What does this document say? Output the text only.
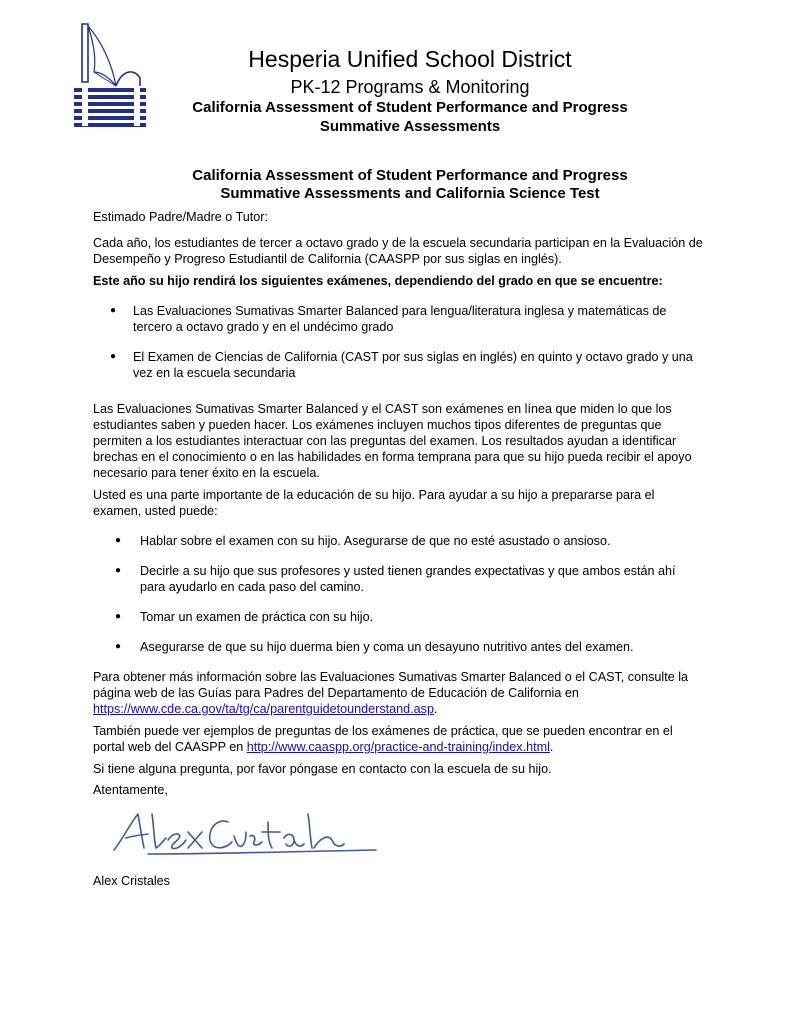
Hesperia Unified School District
PK-12 Programs & Monitoring
California Assessment of Student Performance and Progress
Summative Assessments
California Assessment of Student Performance and Progress
Summative Assessments and California Science Test

Estimado Padre/Madre o Tutor:

Cada año, los estudiantes de tercer a octavo grado y de la escuela secundaria participan en la Evaluación de Desempeño y Progreso Estudiantil de California (CAASPP por sus siglas en inglés).

Este año su hijo rendirá los siguientes exámenes, dependiendo del grado en que se encuentre:

● Las Evaluaciones Sumativas Smarter Balanced para lengua/literatura inglesa y matemáticas de tercero a octavo grado y en el undécimo grado
● El Examen de Ciencias de California (CAST por sus siglas en inglés) en quinto y octavo grado y una vez en la escuela secundaria

Las Evaluaciones Sumativas Smarter Balanced y el CAST son exámenes en línea que miden lo que los estudiantes saben y pueden hacer. Los exámenes incluyen muchos tipos diferentes de preguntas que permiten a los estudiantes interactuar con las preguntas del examen. Los resultados ayudan a identificar brechas en el conocimiento o en las habilidades en forma temprana para que su hijo pueda recibir el apoyo necesario para tener éxito en la escuela.

Usted es una parte importante de la educación de su hijo. Para ayudar a su hijo a prepararse para el examen, usted puede:

● Hablar sobre el examen con su hijo. Asegurarse de que no esté asustado o ansioso.
● Decirle a su hijo que sus profesores y usted tienen grandes expectativas y que ambos están ahí para ayudarlo en cada paso del camino.
● Tomar un examen de práctica con su hijo.
● Asegurarse de que su hijo duerma bien y coma un desayuno nutritivo antes del examen.

Para obtener más información sobre las Evaluaciones Sumativas Smarter Balanced o el CAST, consulte la página web de las Guías para Padres del Departamento de Educación de California en https://www.cde.ca.gov/ta/tg/ca/parentguidetounderstand.asp.

También puede ver ejemplos de preguntas de los exámenes de práctica, que se pueden encontrar en el portal web del CAASPP en http://www.caaspp.org/practice-and-training/index.html.

Si tiene alguna pregunta, por favor póngase en contacto con la escuela de su hijo.

Atentamente,

Alex Cristales
